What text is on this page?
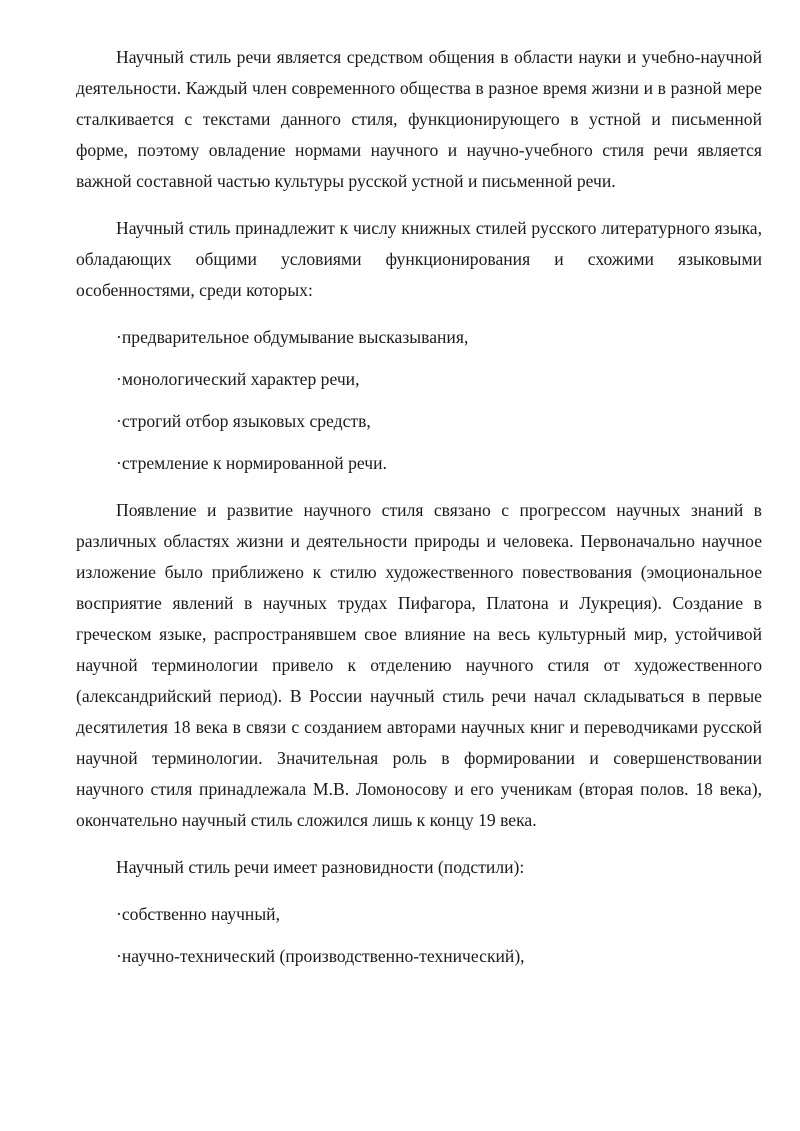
Научный стиль речи является средством общения в области науки и учебно-научной деятельности. Каждый член современного общества в разное время жизни и в разной мере сталкивается с текстами данного стиля, функционирующего в устной и письменной форме, поэтому овладение нормами научного и научно-учебного стиля речи является важной составной частью культуры русской устной и письменной речи.

Научный стиль принадлежит к числу книжных стилей русского литературного языка, обладающих общими условиями функционирования и схожими языковыми особенностями, среди которых:

·предварительное обдумывание высказывания,
·монологический характер речи,
·строгий отбор языковых средств,
·стремление к нормированной речи.

Появление и развитие научного стиля связано с прогрессом научных знаний в различных областях жизни и деятельности природы и человека. Первоначально научное изложение было приближено к стилю художественного повествования (эмоциональное восприятие явлений в научных трудах Пифагора, Платона и Лукреция). Создание в греческом языке, распространявшем свое влияние на весь культурный мир, устойчивой научной терминологии привело к отделению научного стиля от художественного (александрийский период). В России научный стиль речи начал складываться в первые десятилетия 18 века в связи с созданием авторами научных книг и переводчиками русской научной терминологии. Значительная роль в формировании и совершенствовании научного стиля принадлежала М.В. Ломоносову и его ученикам (вторая полов. 18 века), окончательно научный стиль сложился лишь к концу 19 века.

Научный стиль речи имеет разновидности (подстили):

·собственно научный,
·научно-технический (производственно-технический),
